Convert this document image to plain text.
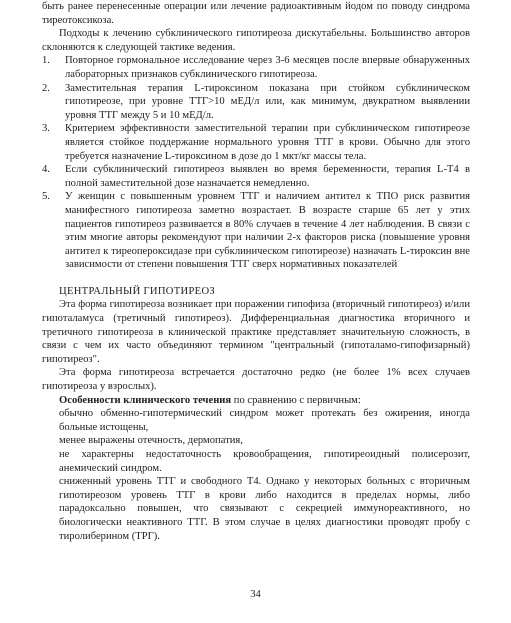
быть ранее перенесенные операции или лечение радиоактивным йодом по поводу синдрома тиреотоксикоза.

Подходы к лечению субклинического гипотиреоза дискутабельны. Большинство авторов склоняются к следующей тактике ведения.

1. Повторное гормональное исследование через 3-6 месяцев после впервые обнаруженных лабораторных признаков субклинического гипотиреоза.
2. Заместительная терапия L-тироксином показана при стойком субклиническом гипотиреозе, при уровне ТТГ>10 мЕД/л или, как минимум, двукратном выявлении уровня ТТГ между 5 и 10 мЕД/л.
3. Критерием эффективности заместительной терапии при субклиническом гипотиреозе является стойкое поддержание нормального уровня ТТГ в крови. Обычно для этого требуется назначение L-тироксином в дозе до 1 мкт/кг массы тела.
4. Если субклинический гипотиреоз выявлен во время беременности, терапия L-Т4 в полной заместительной дозе назначается немедленно.
5. У женщин с повышенным уровнем ТТГ и наличием антител к ТПО риск развития манифестного гипотиреоза заметно возрастает. В возрасте старше 65 лет у этих пациентов гипотиреоз развивается в 80% случаев в течение 4 лет наблюдения. В связи с этим многие авторы рекомендуют при наличии 2-х факторов риска (повышение уровня антител к тиреопероксидазе при субклиническом гипотиреозе) назначать L-тироксин вне зависимости от степени повышения ТТГ сверх нормативных показателей

ЦЕНТРАЛЬНЫЙ ГИПОТИРЕОЗ

Эта форма гипотиреоза возникает при поражении гипофиза (вторичный гипотиреоз) и/или гипоталамуса (третичный гипотиреоз). Дифференциальная диагностика вторичного и третичного гипотиреоза в клинической практике представляет значительную сложность, в связи с чем их часто объединяют термином "центральный (гипоталамо-гипофизарный) гипотиреоз".

Эта форма гипотиреоза встречается достаточно редко (не более 1% всех случаев гипотиреоза у взрослых).

Особенности клинического течения по сравнению с первичным:

обычно обменно-гипотермический синдром может протекать без ожирения, иногда больные истощены,

менее выражены отечность, дермопатия,

не характерны недостаточность кровообращения, гипотиреоидный полисерозит, анемический синдром.

сниженный уровень ТТГ и свободного Т4. Однако у некоторых больных с вторичным гипотиреозом уровень ТТГ в крови либо находится в пределах нормы, либо парадоксально повышен, что связывают с секрецией иммунореактивного, но биологически неактивного ТТГ. В этом случае в целях диагностики проводят пробу с тиролиберином (ТРГ).

34
